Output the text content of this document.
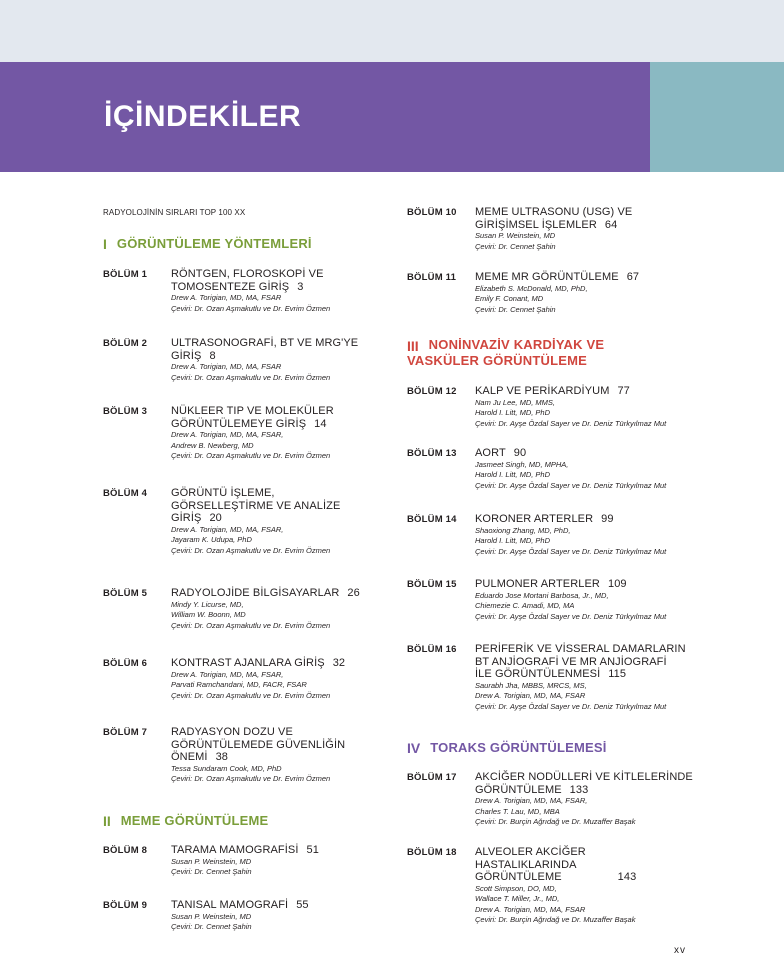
İÇİNDEKİLER
RADYOLOJİNİN SIRLARI TOP 100 XX
I GÖRÜNTÜLEME YÖNTEMLERİ
BÖLÜM 1	RÖNTGEN, FLOROSKOPİ VE
TOMOSENTEZE GİRİŞ 3
Drew A. Torigian, MD, MA, FSAR
Çeviri: Dr. Ozan Aşmakutlu ve Dr. Evrim Özmen
BÖLÜM 2	ULTRASONOGRAFİ, BT VE MRG'YE
GİRİŞ 8
Drew A. Torigian, MD, MA, FSAR
Çeviri: Dr. Ozan Aşmakutlu ve Dr. Evrim Özmen
BÖLÜM 3	NÜKLEER TIP VE MOLEKÜLER
GÖRÜNTÜLEMEYE GİRİŞ 14
Drew A. Torigian, MD, MA, FSAR,
Andrew B. Newberg, MD
Çeviri: Dr. Ozan Aşmakutlu ve Dr. Evrim Özmen
BÖLÜM 4	GÖRÜNTÜ İŞLEME,
GÖRSELLEŞTİRME VE ANALİZE
GİRİŞ 20
Drew A. Torigian, MD, MA, FSAR,
Jayaram K. Udupa, PhD
Çeviri: Dr. Ozan Aşmakutlu ve Dr. Evrim Özmen
BÖLÜM 5	RADYOLOJİDE BİLGİSAYARLAR 26
Mindy Y. Licurse, MD,
William W. Boonn, MD
Çeviri: Dr. Ozan Aşmakutlu ve Dr. Evrim Özmen
BÖLÜM 6	KONTRAST AJANLARA GİRİŞ 32
Drew A. Torigian, MD, MA, FSAR,
Parvati Ramchandani, MD, FACR, FSAR
Çeviri: Dr. Ozan Aşmakutlu ve Dr. Evrim Özmen
BÖLÜM 7	RADYASYON DOZU VE
GÖRÜNTÜLEMEDE GÜVENLİĞİN
ÖNEMİ 38
Tessa Sundaram Cook, MD, PhD
Çeviri: Dr. Ozan Aşmakutlu ve Dr. Evrim Özmen
II MEME GÖRÜNTÜLEME
BÖLÜM 8	TARAMA MAMOGRAFİSİ 51
Susan P. Weinstein, MD
Çeviri: Dr. Cennet Şahin
BÖLÜM 9	TANISAL MAMOGRAFİ 55
Susan P. Weinstein, MD
Çeviri: Dr. Cennet Şahin
BÖLÜM 10	MEME ULTRASONU (USG) VE
GİRİŞİMSEL İŞLEMLER 64
Susan P. Weinstein, MD
Çeviri: Dr. Cennet Şahin
BÖLÜM 11	MEME MR GÖRÜNTÜLEME 67
Elizabeth S. McDonald, MD, PhD,
Emily F. Conant, MD
Çeviri: Dr. Cennet Şahin
III NONİNVAZİV KARDİYAK VE
VASKÜLER GÖRÜNTÜLEME
BÖLÜM 12	KALP VE PERİKARDİYUM 77
Nam Ju Lee, MD, MMS,
Harold I. Litt, MD, PhD
Çeviri: Dr. Ayşe Özdal Sayer ve Dr. Deniz Türkyılmaz Mut
BÖLÜM 13	AORT 90
Jasmeet Singh, MD, MPHA,
Harold I. Litt, MD, PhD
Çeviri: Dr. Ayşe Özdal Sayer ve Dr. Deniz Türkyılmaz Mut
BÖLÜM 14	KORONER ARTERLER 99
Shaoxiong Zhang, MD, PhD,
Harold I. Litt, MD, PhD
Çeviri: Dr. Ayşe Özdal Sayer ve Dr. Deniz Türkyılmaz Mut
BÖLÜM 15	PULMONER ARTERLER 109
Eduardo Jose Mortani Barbosa, Jr., MD,
Chiemezie C. Amadi, MD, MA
Çeviri: Dr. Ayşe Özdal Sayer ve Dr. Deniz Türkyılmaz Mut
BÖLÜM 16	PERİFERİK VE VİSSERAL DAMARLARIN
BT ANJİOGRAFİ VE MR ANJİOGRAFİ
İLE GÖRÜNTÜLENMESİ 115
Saurabh Jha, MBBS, MRCS, MS,
Drew A. Torigian, MD, MA, FSAR
Çeviri: Dr. Ayşe Özdal Sayer ve Dr. Deniz Türkyılmaz Mut
IV TORAKS GÖRÜNTÜLEMESİ
BÖLÜM 17	AKCİĞER NODÜLLERİ VE KİTLELERİNDE
GÖRÜNTÜLEME 133
Drew A. Torigian, MD, MA, FSAR,
Charles T. Lau, MD, MBA
Çeviri: Dr. Burçin Ağrıdağ ve Dr. Muzaffer Başak
BÖLÜM 18	ALVEOLER AKCİĞER
HASTALIKLARINDA
GÖRÜNTÜLEME	143
Scott Simpson, DO, MD,
Wallace T. Miller, Jr., MD,
Drew A. Torigian, MD, MA, FSAR
Çeviri: Dr. Burçin Ağrıdağ ve Dr. Muzaffer Başak
xv
